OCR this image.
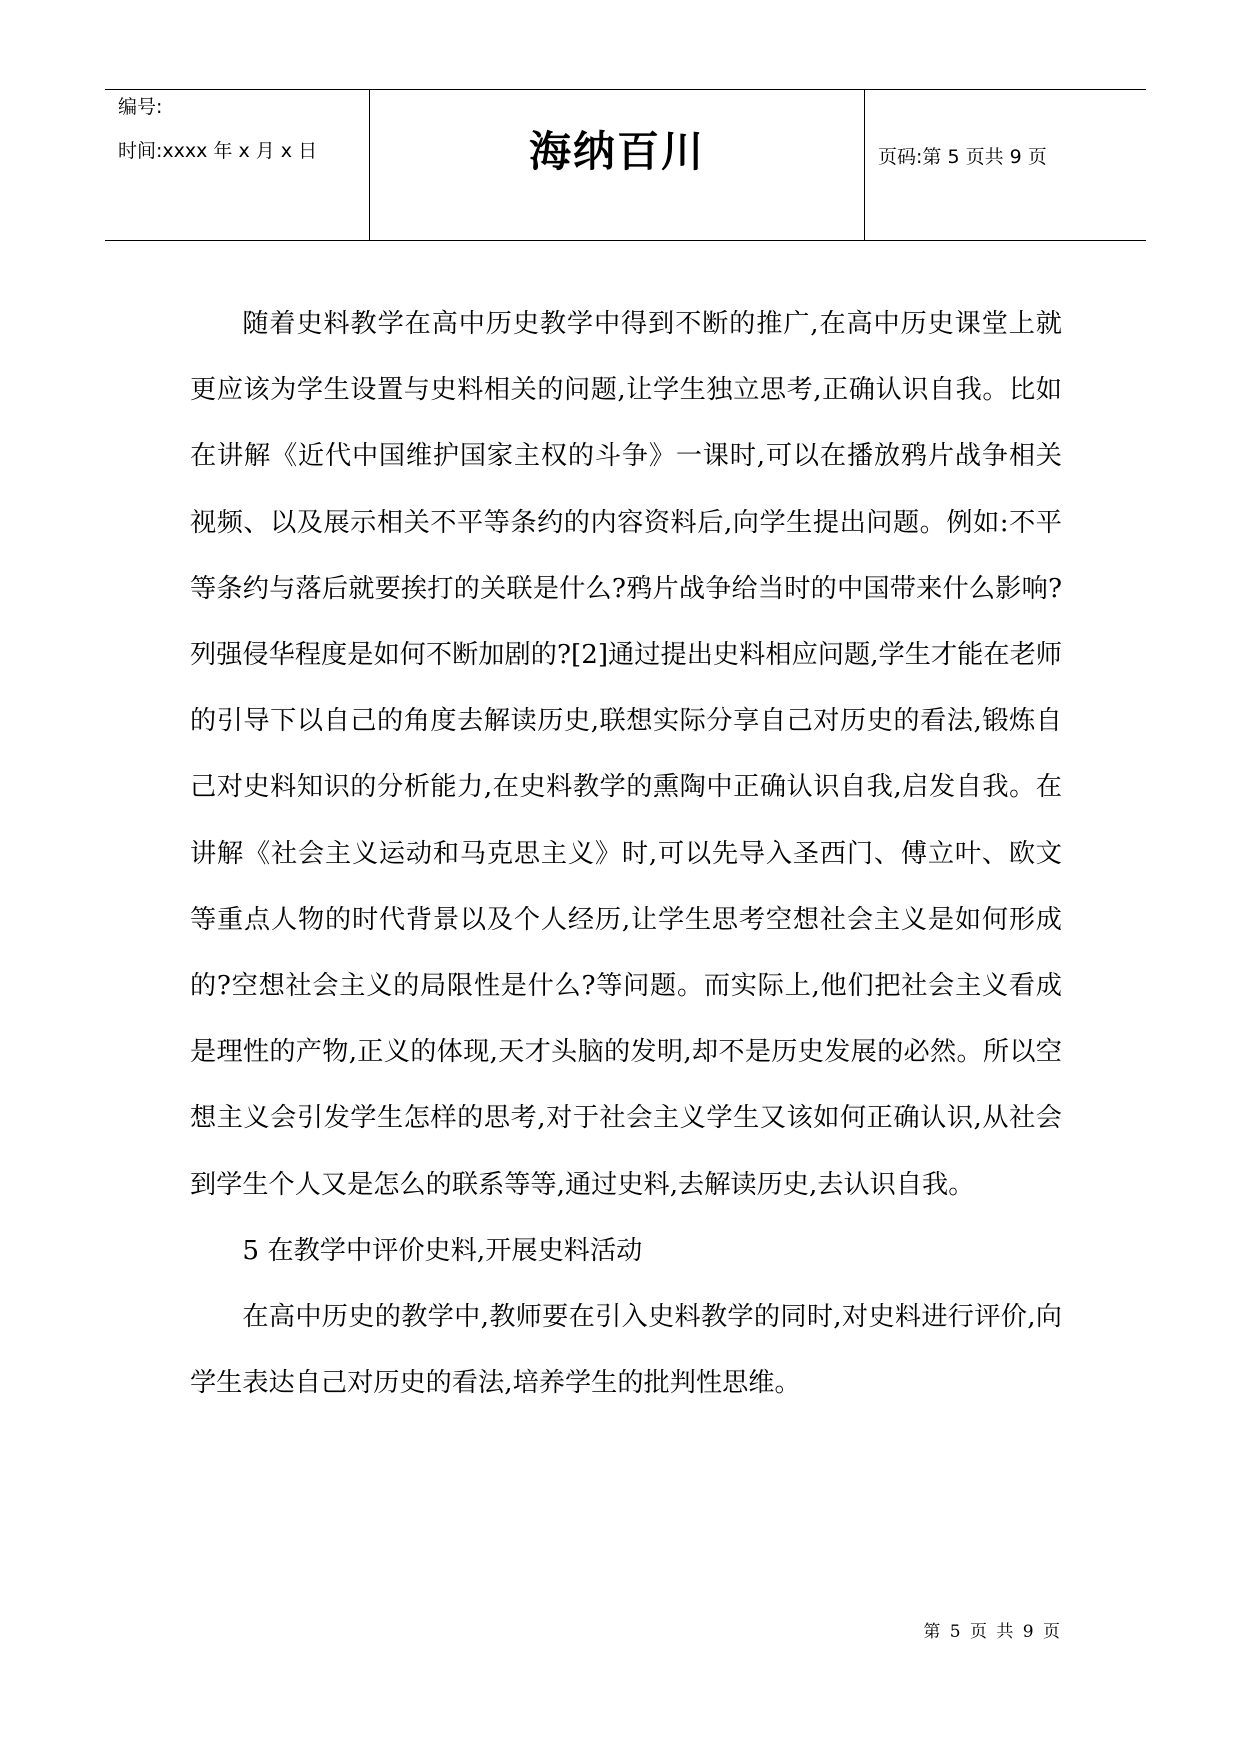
编号:
时间:xxxx 年 x 月 x 日	海纳百川	页码:第 5 页共 9 页

随着史料教学在高中历史教学中得到不断的推广,在高中历史课堂上就更应该为学生设置与史料相关的问题,让学生独立思考,正确认识自我。比如在讲解《近代中国维护国家主权的斗争》一课时,可以在播放鸦片战争相关视频、以及展示相关不平等条约的内容资料后,向学生提出问题。例如:不平等条约与落后就要挨打的关联是什么?鸦片战争给当时的中国带来什么影响?列强侵华程度是如何不断加剧的?[2]通过提出史料相应问题,学生才能在老师的引导下以自己的角度去解读历史,联想实际分享自己对历史的看法,锻炼自己对史料知识的分析能力,在史料教学的熏陶中正确认识自我,启发自我。在讲解《社会主义运动和马克思主义》时,可以先导入圣西门、傅立叶、欧文等重点人物的时代背景以及个人经历,让学生思考空想社会主义是如何形成的?空想社会主义的局限性是什么?等问题。而实际上,他们把社会主义看成是理性的产物,正义的体现,天才头脑的发明,却不是历史发展的必然。所以空想主义会引发学生怎样的思考,对于社会主义学生又该如何正确认识,从社会到学生个人又是怎么的联系等等,通过史料,去解读历史,去认识自我。

5 在教学中评价史料,开展史料活动

在高中历史的教学中,教师要在引入史料教学的同时,对史料进行评价,向学生表达自己对历史的看法,培养学生的批判性思维。

第 5 页 共 9 页
